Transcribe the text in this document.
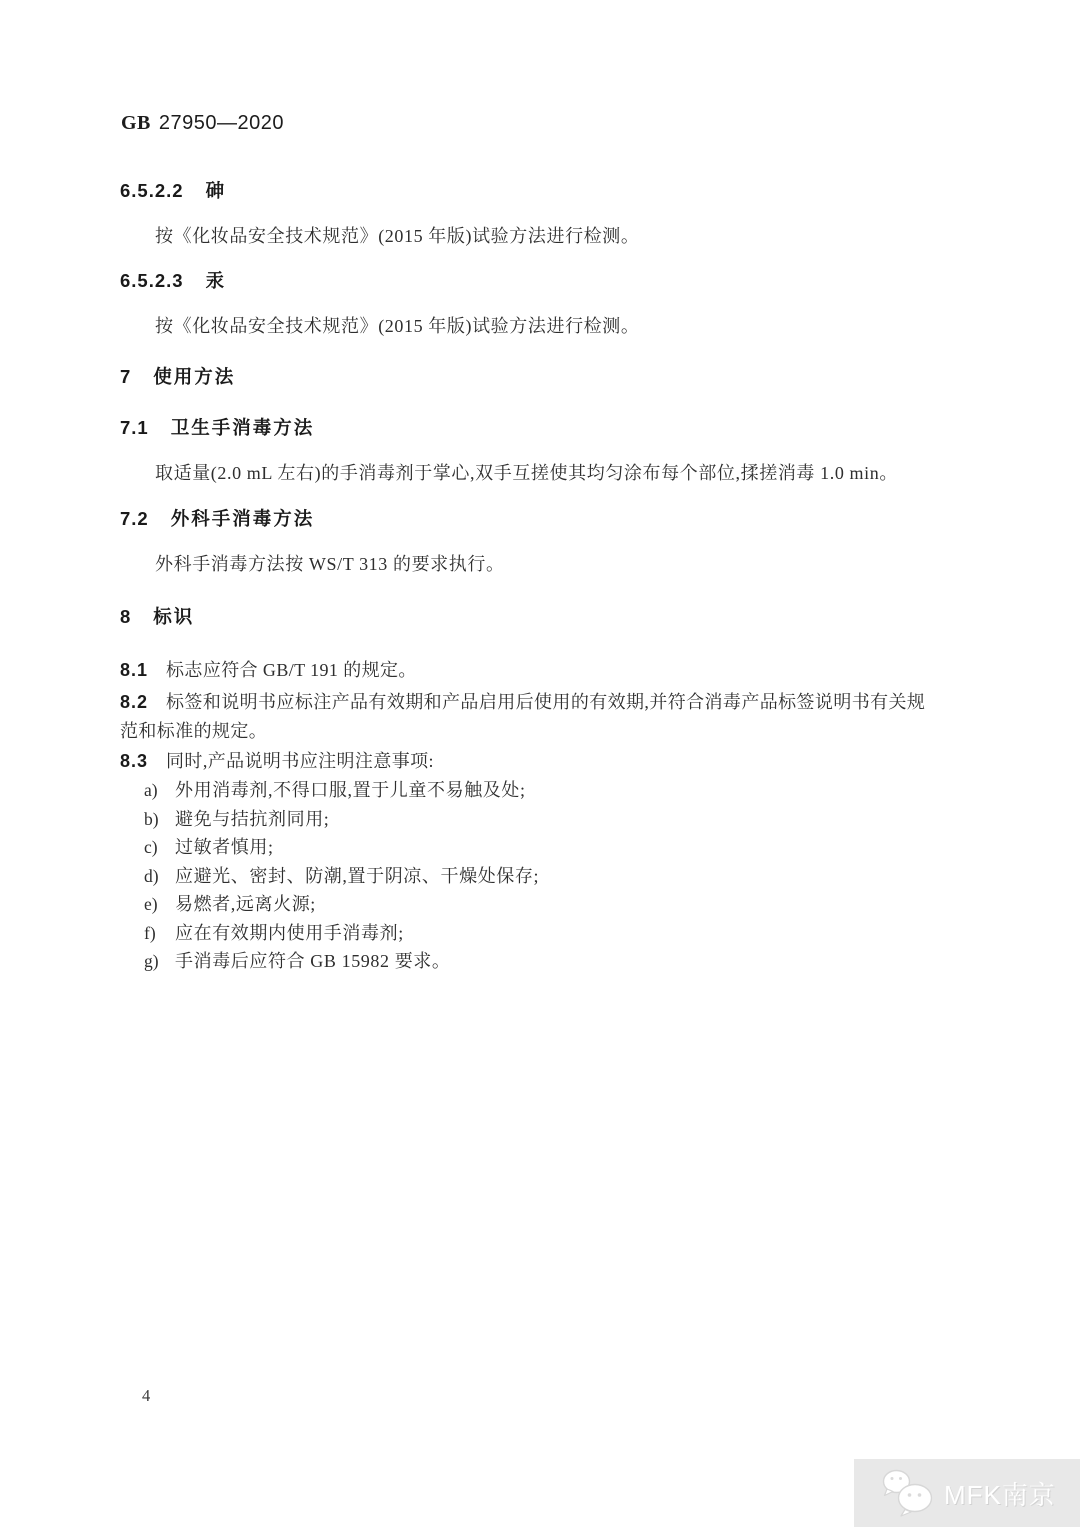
GB 27950—2020
6.5.2.2 砷
按《化妆品安全技术规范》(2015 年版)试验方法进行检测。
6.5.2.3 汞
按《化妆品安全技术规范》(2015 年版)试验方法进行检测。
7 使用方法
7.1 卫生手消毒方法
取适量(2.0 mL 左右)的手消毒剂于掌心,双手互搓使其均匀涂布每个部位,揉搓消毒 1.0 min。
7.2 外科手消毒方法
外科手消毒方法按 WS/T 313 的要求执行。
8 标识
8.1 标志应符合 GB/T 191 的规定。
8.2 标签和说明书应标注产品有效期和产品启用后使用的有效期,并符合消毒产品标签说明书有关规
范和标准的规定。
8.3 同时,产品说明书应注明注意事项:
a) 外用消毒剂,不得口服,置于儿童不易触及处;
b) 避免与拮抗剂同用;
c) 过敏者慎用;
d) 应避光、密封、防潮,置于阴凉、干燥处保存;
e) 易燃者,远离火源;
f) 应在有效期内使用手消毒剂;
g) 手消毒后应符合 GB 15982 要求。
4
MFK南京
